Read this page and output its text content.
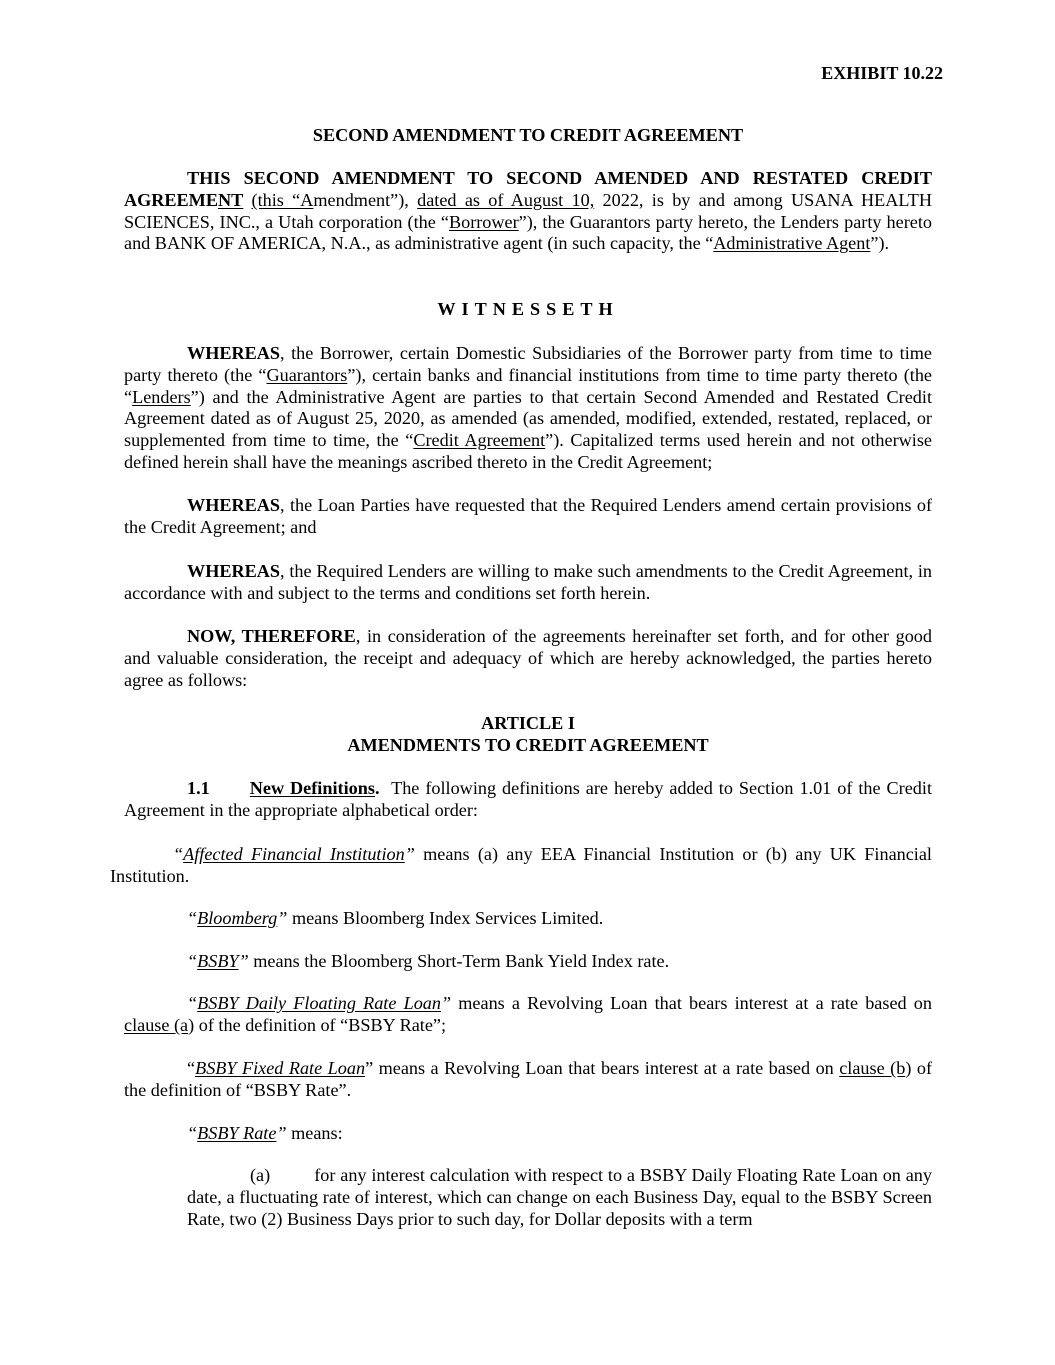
EXHIBIT 10.22
SECOND AMENDMENT TO CREDIT AGREEMENT

THIS SECOND AMENDMENT TO SECOND AMENDED AND RESTATED CREDIT AGREEMENT (this “Amendment”), dated as of August 10, 2022, is by and among USANA HEALTH SCIENCES, INC., a Utah corporation (the “Borrower”), the Guarantors party hereto, the Lenders party hereto and BANK OF AMERICA, N.A., as administrative agent (in such capacity, the “Administrative Agent”).

WITNESSETH

WHEREAS, the Borrower, certain Domestic Subsidiaries of the Borrower party from time to time party thereto (the “Guarantors”), certain banks and financial institutions from time to time party thereto (the “Lenders”) and the Administrative Agent are parties to that certain Second Amended and Restated Credit Agreement dated as of August 25, 2020, as amended (as amended, modified, extended, restated, replaced, or supplemented from time to time, the “Credit Agreement”). Capitalized terms used herein and not otherwise defined herein shall have the meanings ascribed thereto in the Credit Agreement;

WHEREAS, the Loan Parties have requested that the Required Lenders amend certain provisions of the Credit Agreement; and

WHEREAS, the Required Lenders are willing to make such amendments to the Credit Agreement, in accordance with and subject to the terms and conditions set forth herein.

NOW, THEREFORE, in consideration of the agreements hereinafter set forth, and for other good and valuable consideration, the receipt and adequacy of which are hereby acknowledged, the parties hereto agree as follows:

ARTICLE I
AMENDMENTS TO CREDIT AGREEMENT

1.1 New Definitions. The following definitions are hereby added to Section 1.01 of the Credit Agreement in the appropriate alphabetical order:

“Affected Financial Institution” means (a) any EEA Financial Institution or (b) any UK Financial Institution.

“Bloomberg” means Bloomberg Index Services Limited.

“BSBY” means the Bloomberg Short-Term Bank Yield Index rate.

“BSBY Daily Floating Rate Loan” means a Revolving Loan that bears interest at a rate based on clause (a) of the definition of “BSBY Rate”;

“BSBY Fixed Rate Loan” means a Revolving Loan that bears interest at a rate based on clause (b) of the definition of “BSBY Rate”.

“BSBY Rate” means:

(a) for any interest calculation with respect to a BSBY Daily Floating Rate Loan on any date, a fluctuating rate of interest, which can change on each Business Day, equal to the BSBY Screen Rate, two (2) Business Days prior to such day, for Dollar deposits with a term
